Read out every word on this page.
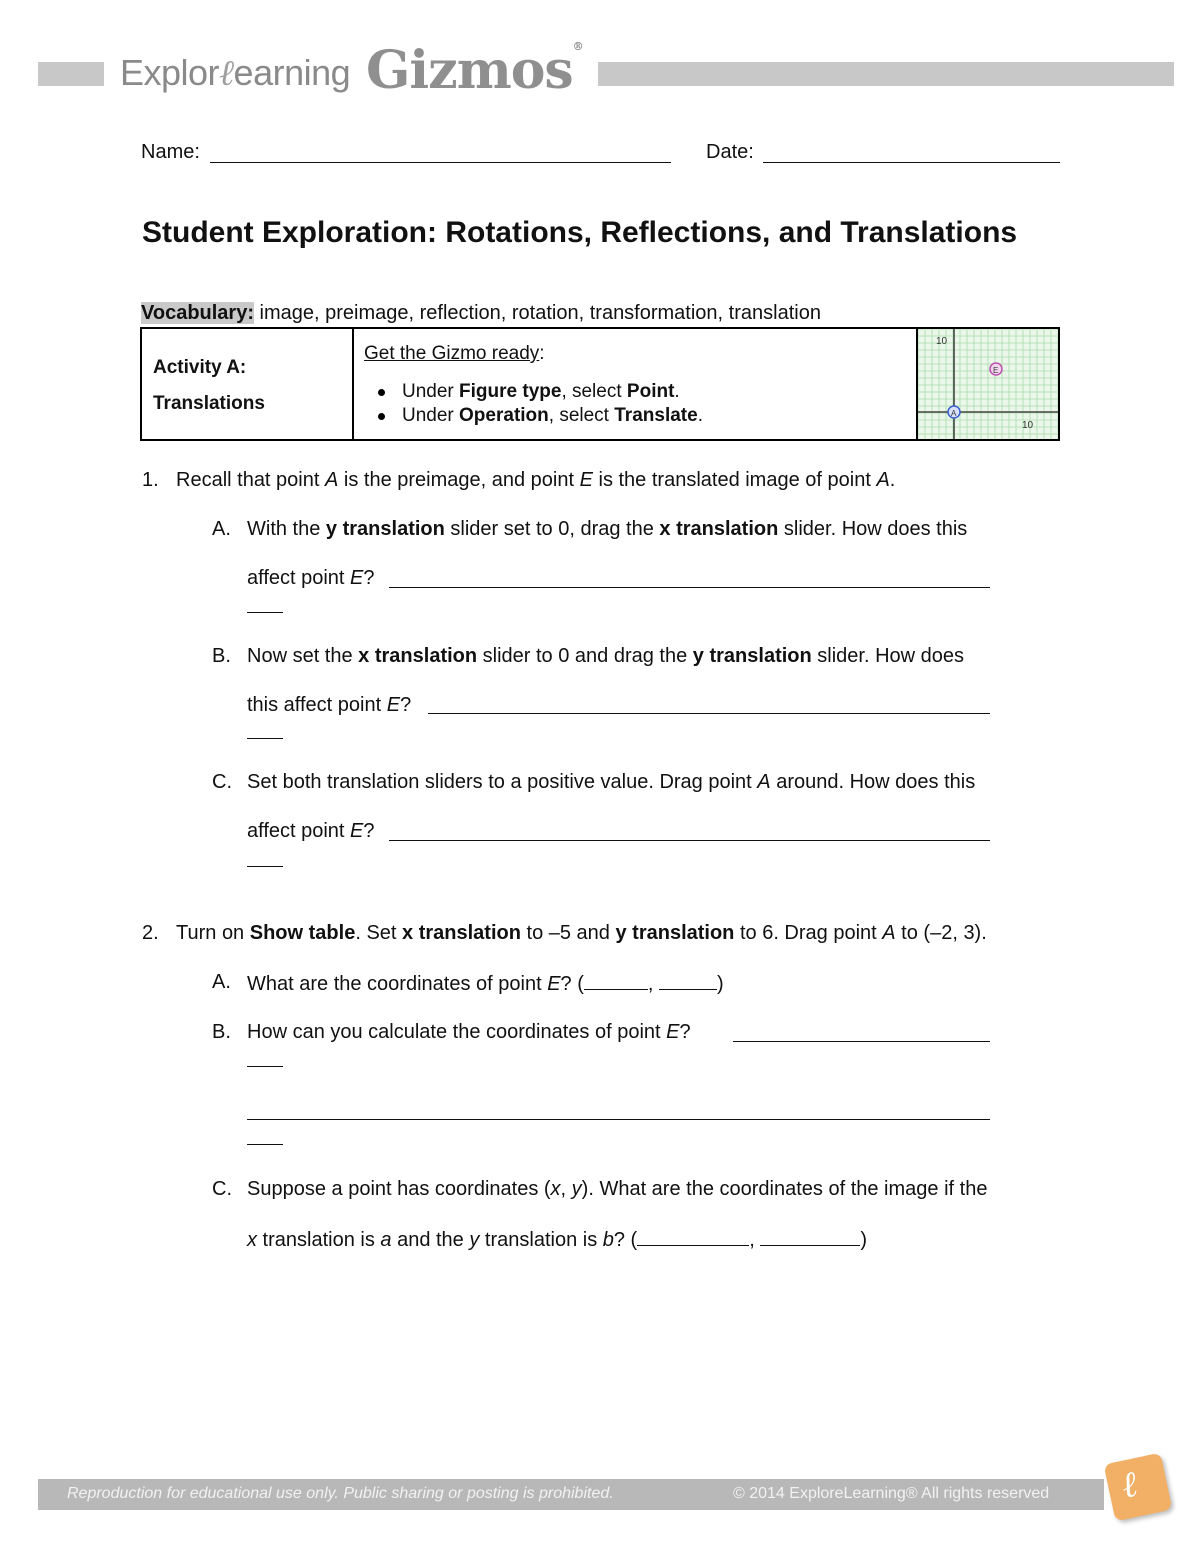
Explorℓearning Gizmos®
Name:	Date:
Student Exploration: Rotations, Reflections, and Translations
Vocabulary: image, preimage, reflection, rotation, transformation, translation
Activity A:
Translations
Get the Gizmo ready:
Under Figure type, select Point.
Under Operation, select Translate.
10
10
E
A
1. Recall that point A is the preimage, and point E is the translated image of point A.
A. With the y translation slider set to 0, drag the x translation slider. How does this
affect point E?
B. Now set the x translation slider to 0 and drag the y translation slider. How does
this affect point E?
C. Set both translation sliders to a positive value. Drag point A around. How does this
affect point E?
2. Turn on Show table. Set x translation to –5 and y translation to 6. Drag point A to (–2, 3).
A. What are the coordinates of point E? (	,	)
B. How can you calculate the coordinates of point E?
C. Suppose a point has coordinates (x, y). What are the coordinates of the image if the
x translation is a and the y translation is b? (	,	)
Reproduction for educational use only. Public sharing or posting is prohibited.	© 2014 ExploreLearning® All rights reserved ℓ
